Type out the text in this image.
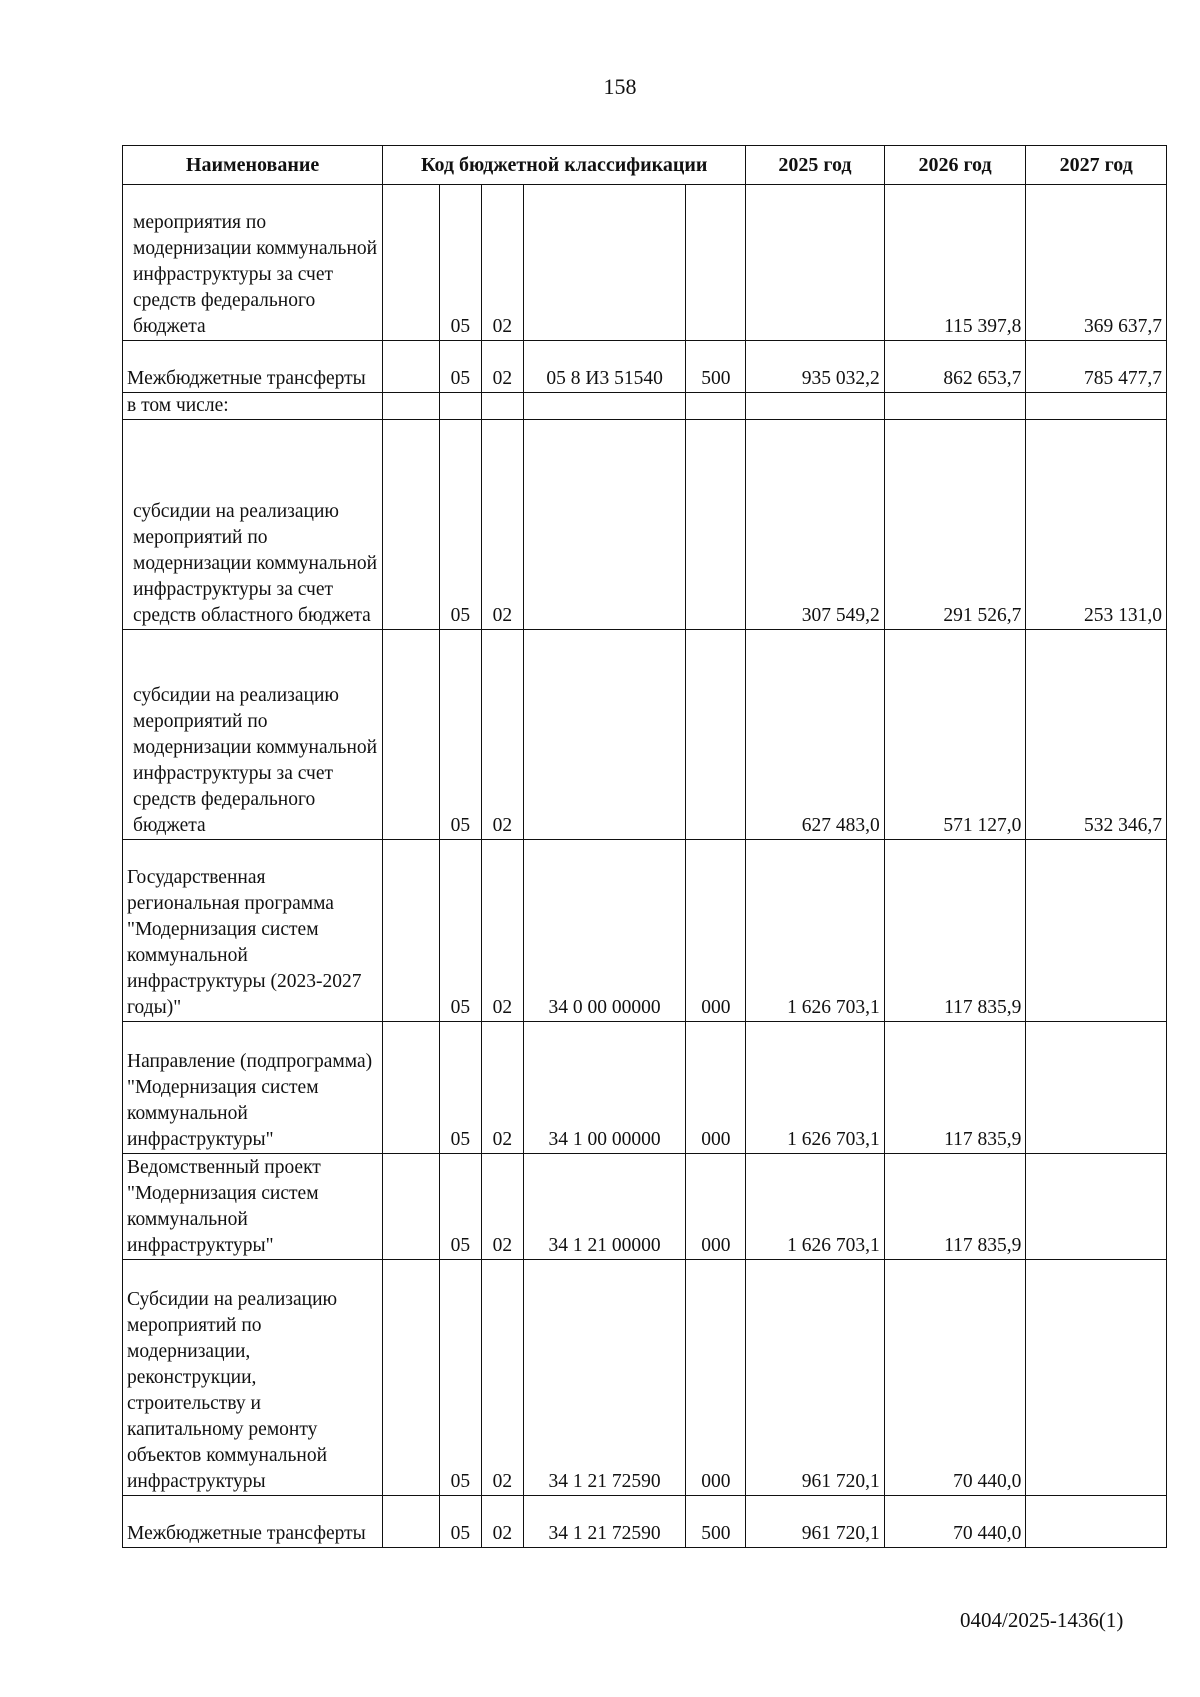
158
Наименование	Код бюджетной классификации					2025 год	2026 год	2027 год
мероприятия по модернизации коммунальной инфраструктуры за счет средств федерального бюджета		05	02				115 397,8	369 637,7
Межбюджетные трансферты		05	02	05 8 И3 51540	500	935 032,2	862 653,7	785 477,7
в том числе:								
субсидии на реализацию мероприятий по модернизации коммунальной инфраструктуры за счет средств областного бюджета		05	02			307 549,2	291 526,7	253 131,0
субсидии на реализацию мероприятий по модернизации коммунальной инфраструктуры за счет средств федерального бюджета		05	02			627 483,0	571 127,0	532 346,7
Государственная региональная программа "Модернизация систем коммунальной инфраструктуры (2023-2027 годы)"		05	02	34 0 00 00000	000	1 626 703,1	117 835,9	
Направление (подпрограмма) "Модернизация систем коммунальной инфраструктуры"		05	02	34 1 00 00000	000	1 626 703,1	117 835,9	
Ведомственный проект "Модернизация систем коммунальной инфраструктуры"		05	02	34 1 21 00000	000	1 626 703,1	117 835,9	
Субсидии на реализацию мероприятий по модернизации, реконструкции, строительству и капитальному ремонту объектов коммунальной инфраструктуры		05	02	34 1 21 72590	000	961 720,1	70 440,0	
Межбюджетные трансферты		05	02	34 1 21 72590	500	961 720,1	70 440,0	
0404/2025-1436(1)
